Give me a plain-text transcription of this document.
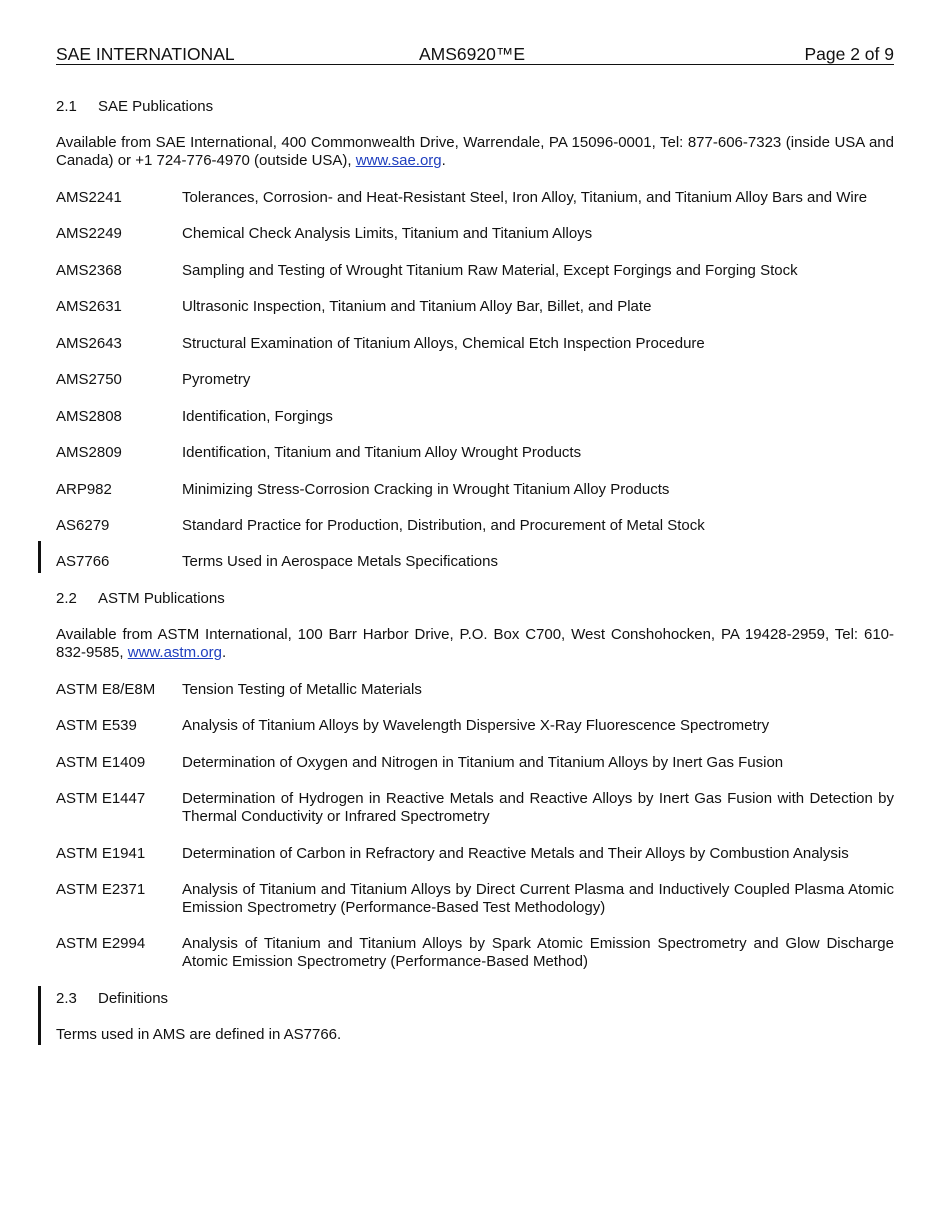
SAE INTERNATIONAL	AMS6920™E	Page 2 of 9
2.1 SAE Publications
Available from SAE International, 400 Commonwealth Drive, Warrendale, PA 15096-0001, Tel: 877-606-7323 (inside USA and Canada) or +1 724-776-4970 (outside USA), www.sae.org.
AMS2241	Tolerances, Corrosion- and Heat-Resistant Steel, Iron Alloy, Titanium, and Titanium Alloy Bars and Wire
AMS2249	Chemical Check Analysis Limits, Titanium and Titanium Alloys
AMS2368	Sampling and Testing of Wrought Titanium Raw Material, Except Forgings and Forging Stock
AMS2631	Ultrasonic Inspection, Titanium and Titanium Alloy Bar, Billet, and Plate
AMS2643	Structural Examination of Titanium Alloys, Chemical Etch Inspection Procedure
AMS2750	Pyrometry
AMS2808	Identification, Forgings
AMS2809	Identification, Titanium and Titanium Alloy Wrought Products
ARP982	Minimizing Stress-Corrosion Cracking in Wrought Titanium Alloy Products
AS6279	Standard Practice for Production, Distribution, and Procurement of Metal Stock
AS7766	Terms Used in Aerospace Metals Specifications
2.2 ASTM Publications
Available from ASTM International, 100 Barr Harbor Drive, P.O. Box C700, West Conshohocken, PA 19428-2959, Tel: 610-832-9585, www.astm.org.
ASTM E8/E8M	Tension Testing of Metallic Materials
ASTM E539	Analysis of Titanium Alloys by Wavelength Dispersive X-Ray Fluorescence Spectrometry
ASTM E1409	Determination of Oxygen and Nitrogen in Titanium and Titanium Alloys by Inert Gas Fusion
ASTM E1447	Determination of Hydrogen in Reactive Metals and Reactive Alloys by Inert Gas Fusion with Detection by Thermal Conductivity or Infrared Spectrometry
ASTM E1941	Determination of Carbon in Refractory and Reactive Metals and Their Alloys by Combustion Analysis
ASTM E2371	Analysis of Titanium and Titanium Alloys by Direct Current Plasma and Inductively Coupled Plasma Atomic Emission Spectrometry (Performance-Based Test Methodology)
ASTM E2994	Analysis of Titanium and Titanium Alloys by Spark Atomic Emission Spectrometry and Glow Discharge Atomic Emission Spectrometry (Performance-Based Method)
2.3 Definitions
Terms used in AMS are defined in AS7766.
